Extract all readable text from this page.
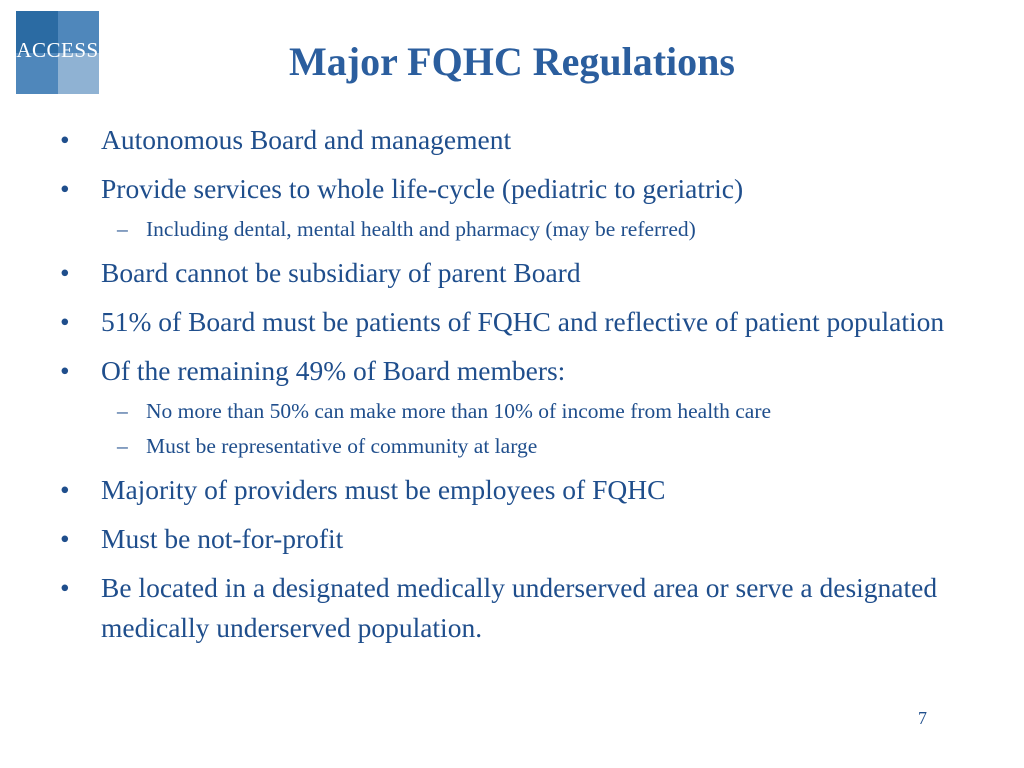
ACCESS	Major FQHC Regulations
• Autonomous Board and management
• Provide services to whole life-cycle (pediatric to geriatric)
– Including dental, mental health and pharmacy (may be referred)
• Board cannot be subsidiary of parent Board
• 51% of Board must be patients of FQHC and reflective of patient population
• Of the remaining 49% of Board members:
– No more than 50% can make more than 10% of income from health care
– Must be representative of community at large
• Majority of providers must be employees of FQHC
• Must be not-for-profit
• Be located in a designated medically underserved area or serve a designated medically underserved population.
7
